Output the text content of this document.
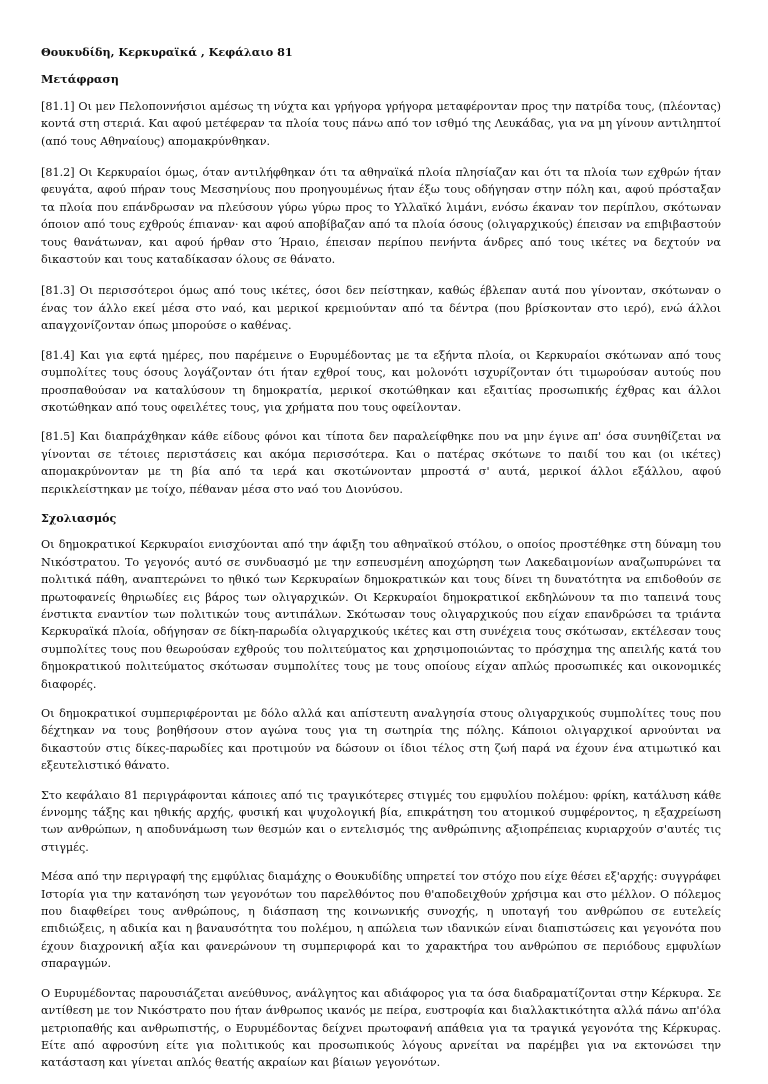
Θουκυδίδη, Κερκυραϊκά , Κεφάλαιο 81
Μετάφραση

[81.1] Οι μεν Πελοποννήσιοι αμέσως τη νύχτα και γρήγορα γρήγορα μεταφέρονταν προς την πατρίδα τους, (πλέοντας) κοντά στη στεριά. Και αφού μετέφεραν τα πλοία τους πάνω από τον ισθμό της Λευκάδας, για να μη γίνουν αντιληπτοί (από τους Αθηναίους) απομακρύνθηκαν.

[81.2] Οι Κερκυραίοι όμως, όταν αντιλήφθηκαν ότι τα αθηναϊκά πλοία πλησίαζαν και ότι τα πλοία των εχθρών ήταν φευγάτα, αφού πήραν τους Μεσσηνίους που προηγουμένως ήταν έξω τους οδήγησαν στην πόλη και, αφού πρόσταξαν τα πλοία που επάνδρωσαν να πλεύσουν γύρω γύρω προς το Υλλαϊκό λιμάνι, ενόσω έκαναν τον περίπλου, σκότωναν όποιον από τους εχθρούς έπιαναν· και αφού αποβίβαζαν από τα πλοία όσους (ολιγαρχικούς) έπεισαν να επιβιβαστούν τους θανάτωναν, και αφού ήρθαν στο Ήραιο, έπεισαν περίπου πενήντα άνδρες από τους ικέτες να δεχτούν να δικαστούν και τους καταδίκασαν όλους σε θάνατο.

[81.3] Οι περισσότεροι όμως από τους ικέτες, όσοι δεν πείστηκαν, καθώς έβλεπαν αυτά που γίνονταν, σκότωναν ο ένας τον άλλο εκεί μέσα στο ναό, και μερικοί κρεμιούνταν από τα δέντρα (που βρίσκονταν στο ιερό), ενώ άλλοι απαγχονίζονταν όπως μπορούσε ο καθένας.

[81.4] Και για εφτά ημέρες, που παρέμεινε ο Ευρυμέδοντας με τα εξήντα πλοία, οι Κερκυραίοι σκότωναν από τους συμπολίτες τους όσους λογάζονταν ότι ήταν εχθροί τους, και μολονότι ισχυρίζονταν ότι τιμωρούσαν αυτούς που προσπαθούσαν να καταλύσουν τη δημοκρατία, μερικοί σκοτώθηκαν και εξαιτίας προσωπικής έχθρας και άλλοι σκοτώθηκαν από τους οφειλέτες τους, για χρήματα που τους οφείλονταν.

[81.5] Και διαπράχθηκαν κάθε είδους φόνοι και τίποτα δεν παραλείφθηκε που να μην έγινε απ' όσα συνηθίζεται να γίνονται σε τέτοιες περιστάσεις και ακόμα περισσότερα. Και ο πατέρας σκότωνε το παιδί του και (οι ικέτες) απομακρύνονταν με τη βία από τα ιερά και σκοτώνονταν μπροστά σ' αυτά, μερικοί άλλοι εξάλλου, αφού περικλείστηκαν με τοίχο, πέθαναν μέσα στο ναό του Διονύσου.

Σχολιασμός

Οι δημοκρατικοί Κερκυραίοι ενισχύονται από την άφιξη του αθηναϊκού στόλου, ο οποίος προστέθηκε στη δύναμη του Νικόστρατου. Το γεγονός αυτό σε συνδυασμό με την εσπευσμένη αποχώρηση των Λακεδαιμονίων αναζωπυρώνει τα πολιτικά πάθη, αναπτερώνει το ηθικό των Κερκυραίων δημοκρατικών και τους δίνει τη δυνατότητα να επιδοθούν σε πρωτοφανείς θηριωδίες εις βάρος των ολιγαρχικών. Οι Κερκυραίοι δημοκρατικοί εκδηλώνουν τα πιο ταπεινά τους ένστικτα εναντίον των πολιτικών τους αντιπάλων. Σκότωσαν τους ολιγαρχικούς που είχαν επανδρώσει τα τριάντα Κερκυραϊκά πλοία, οδήγησαν σε δίκη-παρωδία ολιγαρχικούς ικέτες και στη συνέχεια τους σκότωσαν, εκτέλεσαν τους συμπολίτες τους που θεωρούσαν εχθρούς του πολιτεύματος και χρησιμοποιώντας το πρόσχημα της απειλής κατά του δημοκρατικού πολιτεύματος σκότωσαν συμπολίτες τους με τους οποίους είχαν απλώς προσωπικές και οικονομικές διαφορές.

Οι δημοκρατικοί συμπεριφέρονται με δόλο αλλά και απίστευτη αναλγησία στους ολιγαρχικούς συμπολίτες τους που δέχτηκαν να τους βοηθήσουν στον αγώνα τους για τη σωτηρία της πόλης. Κάποιοι ολιγαρχικοί αρνούνται να δικαστούν στις δίκες-παρωδίες και προτιμούν να δώσουν οι ίδιοι τέλος στη ζωή παρά να έχουν ένα ατιμωτικό και εξευτελιστικό θάνατο.

Στο κεφάλαιο 81 περιγράφονται κάποιες από τις τραγικότερες στιγμές του εμφυλίου πολέμου: φρίκη, κατάλυση κάθε έννομης τάξης και ηθικής αρχής, φυσική και ψυχολογική βία, επικράτηση του ατομικού συμφέροντος, η εξαχρείωση των ανθρώπων, η αποδυνάμωση των θεσμών και ο εντελισμός της ανθρώπινης αξιοπρέπειας κυριαρχούν σ'αυτές τις στιγμές.

Μέσα από την περιγραφή της εμφύλιας διαμάχης ο Θουκυδίδης υπηρετεί τον στόχο που είχε θέσει εξ'αρχής: συγγράφει Ιστορία για την κατανόηση των γεγονότων του παρελθόντος που θ'αποδειχθούν χρήσιμα και στο μέλλον. Ο πόλεμος που διαφθείρει τους ανθρώπους, η διάσπαση της κοινωνικής συνοχής, η υποταγή του ανθρώπου σε ευτελείς επιδιώξεις, η αδικία και η βαναυσότητα του πολέμου, η απώλεια των ιδανικών είναι διαπιστώσεις και γεγονότα που έχουν διαχρονική αξία και φανερώνουν τη συμπεριφορά και το χαρακτήρα του ανθρώπου σε περιόδους εμφυλίων σπαραγμών.

Ο Ευρυμέδοντας παρουσιάζεται ανεύθυνος, ανάλγητος και αδιάφορος για τα όσα διαδραματίζονται στην Κέρκυρα. Σε αντίθεση με τον Νικόστρατο που ήταν άνθρωπος ικανός με πείρα, ευστροφία και διαλλακτικότητα αλλά πάνω απ'όλα μετριοπαθής και ανθρωπιστής, ο Ευρυμέδοντας δείχνει πρωτοφανή απάθεια για τα τραγικά γεγονότα της Κέρκυρας. Είτε από αφροσύνη είτε για πολιτικούς και προσωπικούς λόγους αρνείται να παρέμβει για να εκτονώσει την κατάσταση και γίνεται απλός θεατής ακραίων και βίαιων γεγονότων.
